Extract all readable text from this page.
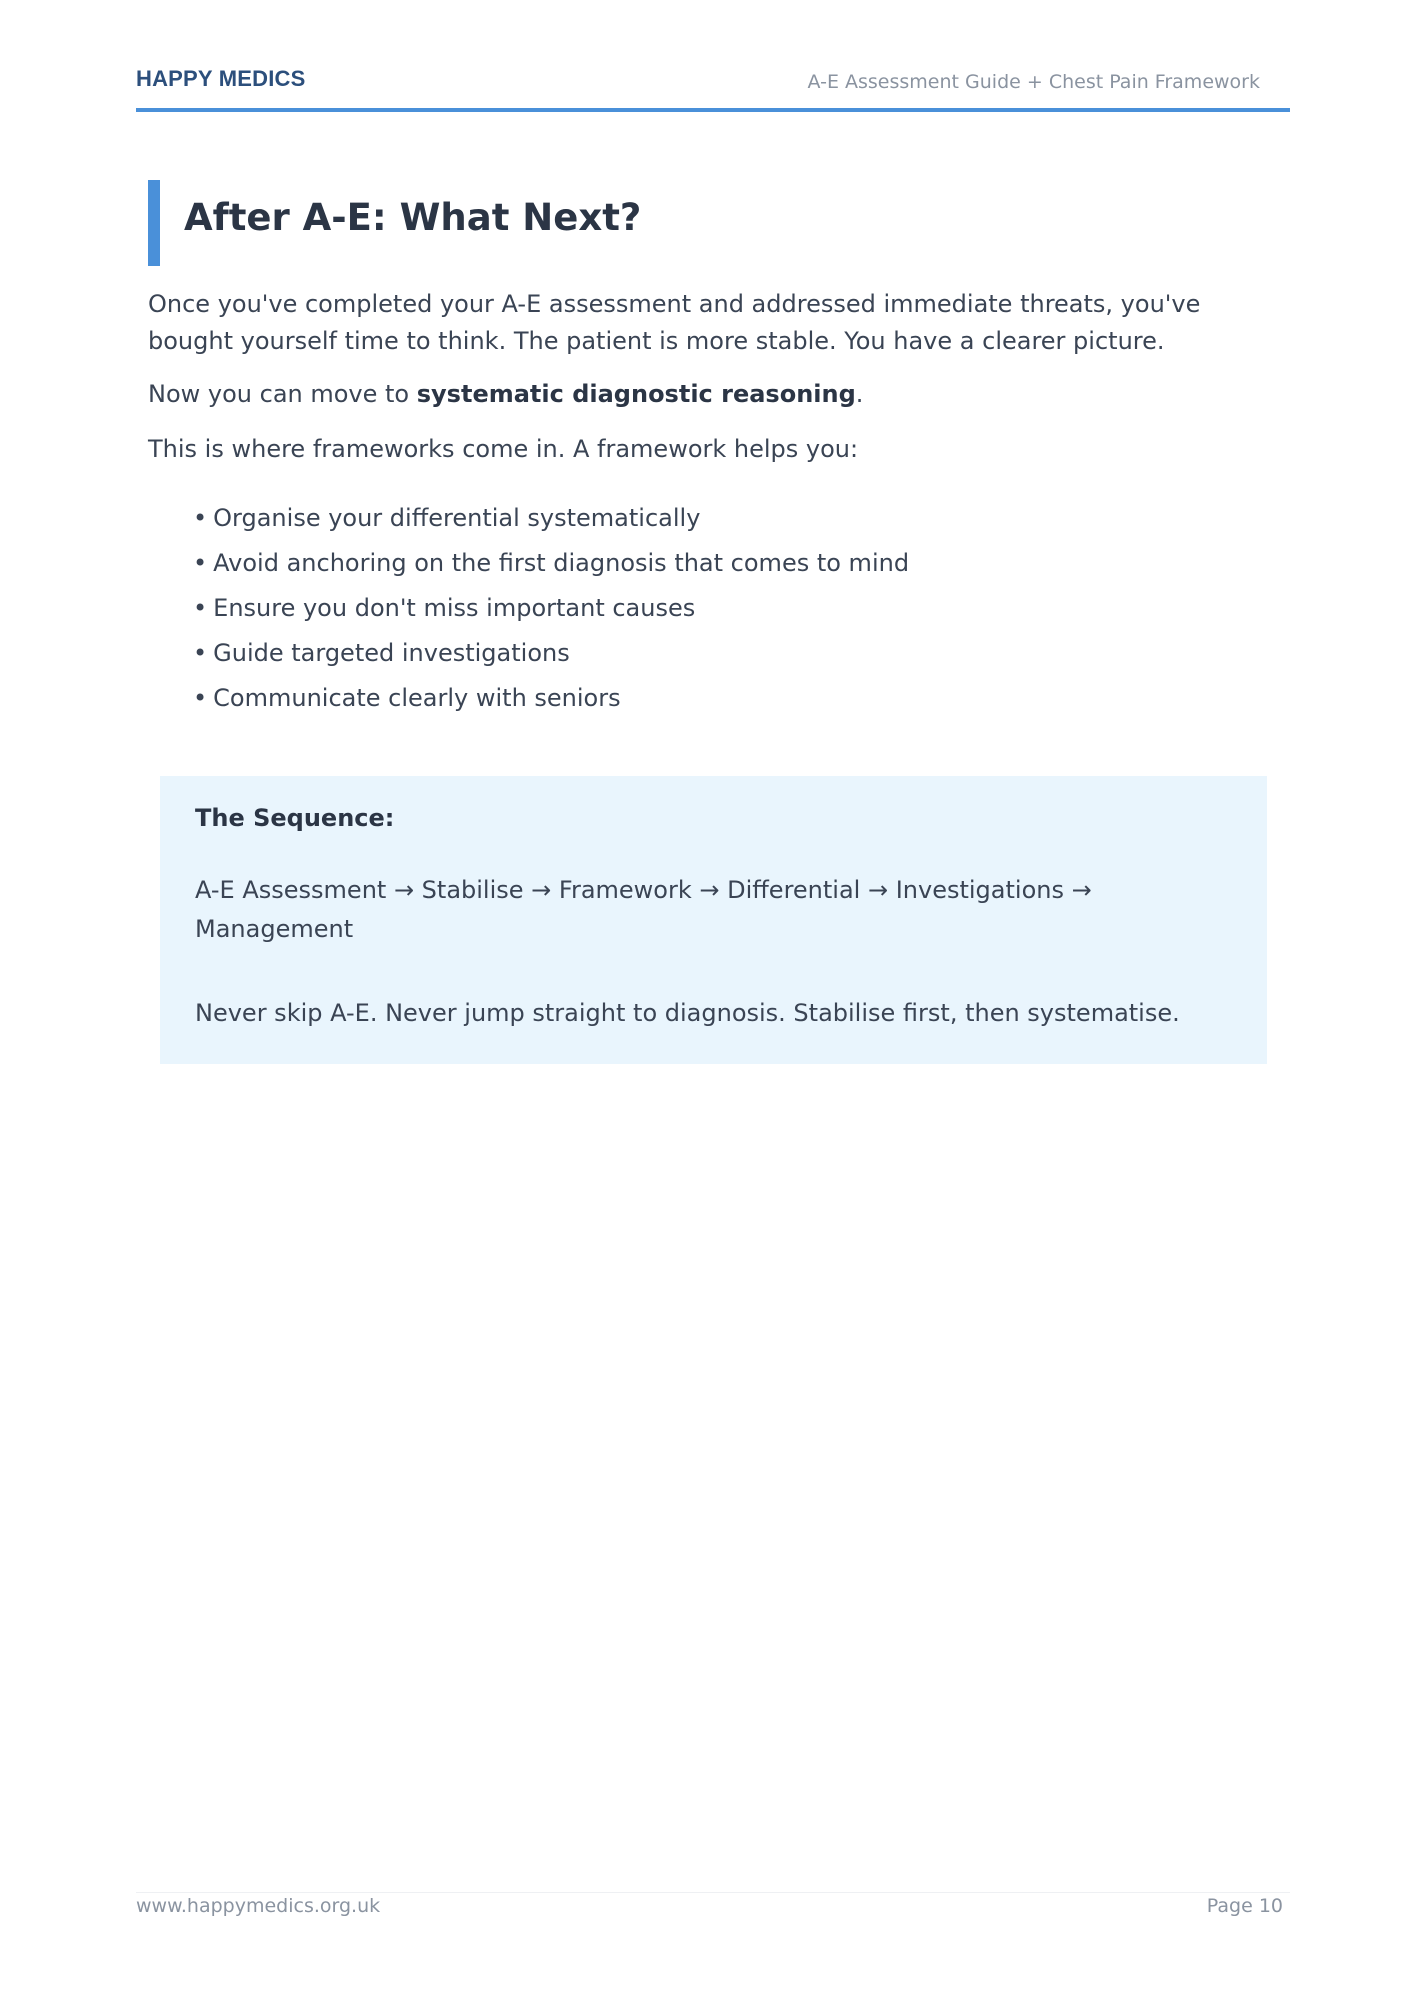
HAPPY MEDICS	A-E Assessment Guide + Chest Pain Framework
After A-E: What Next?

Once you've completed your A-E assessment and addressed immediate threats, you've bought yourself time to think. The patient is more stable. You have a clearer picture.

Now you can move to systematic diagnostic reasoning.

This is where frameworks come in. A framework helps you:

• Organise your differential systematically
• Avoid anchoring on the first diagnosis that comes to mind
• Ensure you don't miss important causes
• Guide targeted investigations
• Communicate clearly with seniors
The Sequence:

A-E Assessment → Stabilise → Framework → Differential → Investigations → Management

Never skip A-E. Never jump straight to diagnosis. Stabilise first, then systematise.

www.happymedics.org.uk	Page 10
